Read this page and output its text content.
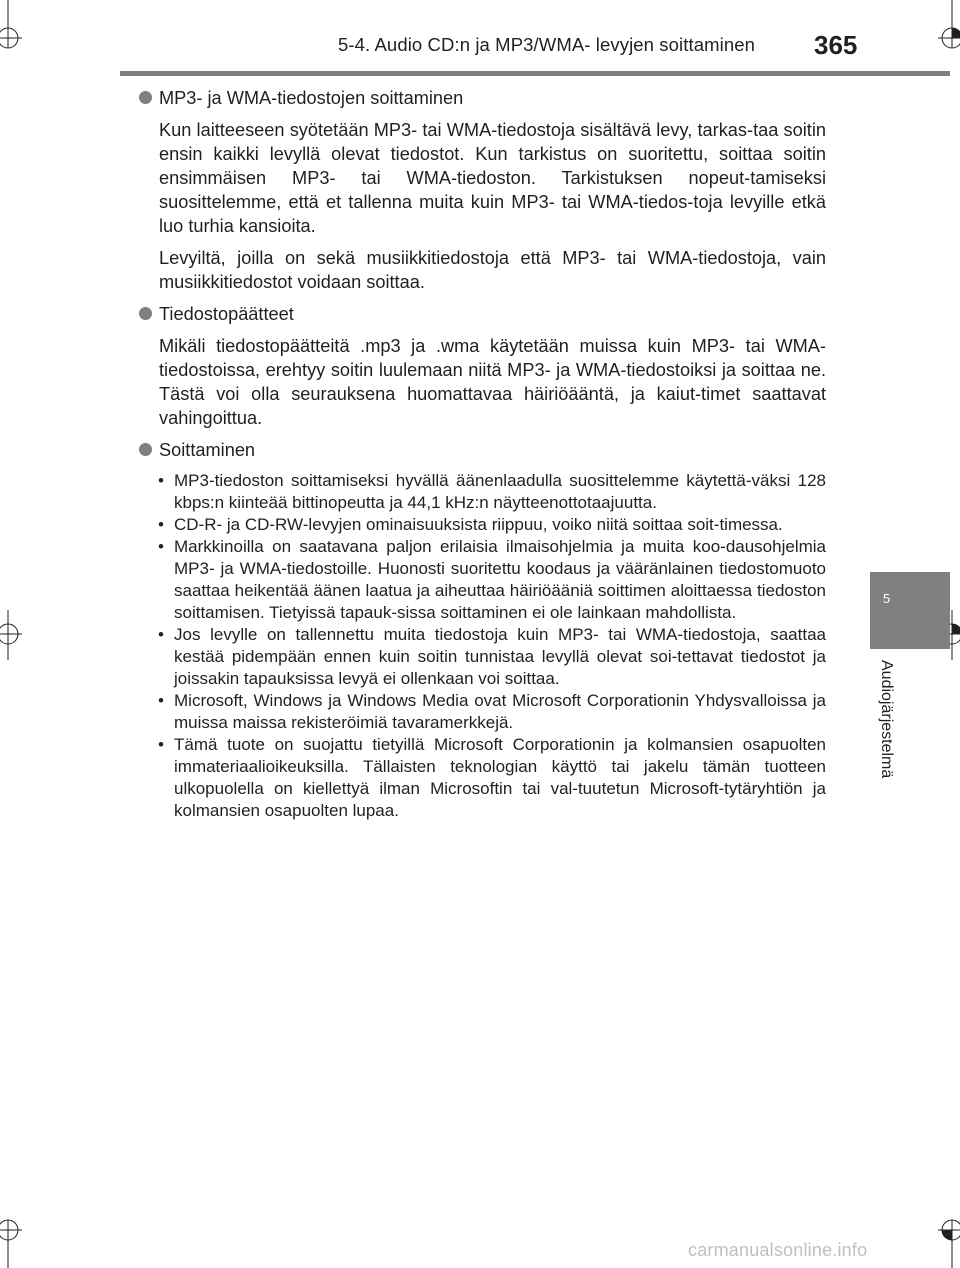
5-4. Audio CD:n ja MP3/WMA- levyjen soittaminen 365
5
Audiojärjestelmä
MP3- ja WMA-tiedostojen soittaminen
Kun laitteeseen syötetään MP3- tai WMA-tiedostoja sisältävä levy, tarkas-taa soitin ensin kaikki levyllä olevat tiedostot. Kun tarkistus on suoritettu, soittaa soitin ensimmäisen MP3- tai WMA-tiedoston. Tarkistuksen nopeut-tamiseksi suosittelemme, että et tallenna muita kuin MP3- tai WMA-tiedos-toja levyille etkä luo turhia kansioita.
Levyiltä, joilla on sekä musiikkitiedostoja että MP3- tai WMA-tiedostoja, vain musiikkitiedostot voidaan soittaa.
Tiedostopäätteet
Mikäli tiedostopäätteitä .mp3 ja .wma käytetään muissa kuin MP3- tai WMA-tiedostoissa, erehtyy soitin luulemaan niitä MP3- ja WMA-tiedostoiksi ja soittaa ne. Tästä voi olla seurauksena huomattavaa häiriöääntä, ja kaiut-timet saattavat vahingoittua.
Soittaminen
• MP3-tiedoston soittamiseksi hyvällä äänenlaadulla suosittelemme käytettä-väksi 128 kbps:n kiinteää bittinopeutta ja 44,1 kHz:n näytteenottotaajuutta.
• CD-R- ja CD-RW-levyjen ominaisuuksista riippuu, voiko niitä soittaa soit-timessa.
• Markkinoilla on saatavana paljon erilaisia ilmaisohjelmia ja muita koo-dausohjelmia MP3- ja WMA-tiedostoille. Huonosti suoritettu koodaus ja vääränlainen tiedostomuoto saattaa heikentää äänen laatua ja aiheuttaa häiriöääniä soittimen aloittaessa tiedoston soittamisen. Tietyissä tapauk-sissa soittaminen ei ole lainkaan mahdollista.
• Jos levylle on tallennettu muita tiedostoja kuin MP3- tai WMA-tiedostoja, saattaa kestää pidempään ennen kuin soitin tunnistaa levyllä olevat soi-tettavat tiedostot ja joissakin tapauksissa levyä ei ollenkaan voi soittaa.
• Microsoft, Windows ja Windows Media ovat Microsoft Corporationin Yhdysvalloissa ja muissa maissa rekisteröimiä tavaramerkkejä.
• Tämä tuote on suojattu tietyillä Microsoft Corporationin ja kolmansien osapuolten immateriaalioikeuksilla. Tällaisten teknologian käyttö tai jakelu tämän tuotteen ulkopuolella on kiellettyä ilman Microsoftin tai val-tuutetun Microsoft-tytäryhtiön ja kolmansien osapuolten lupaa.
carmanualsonline.info
